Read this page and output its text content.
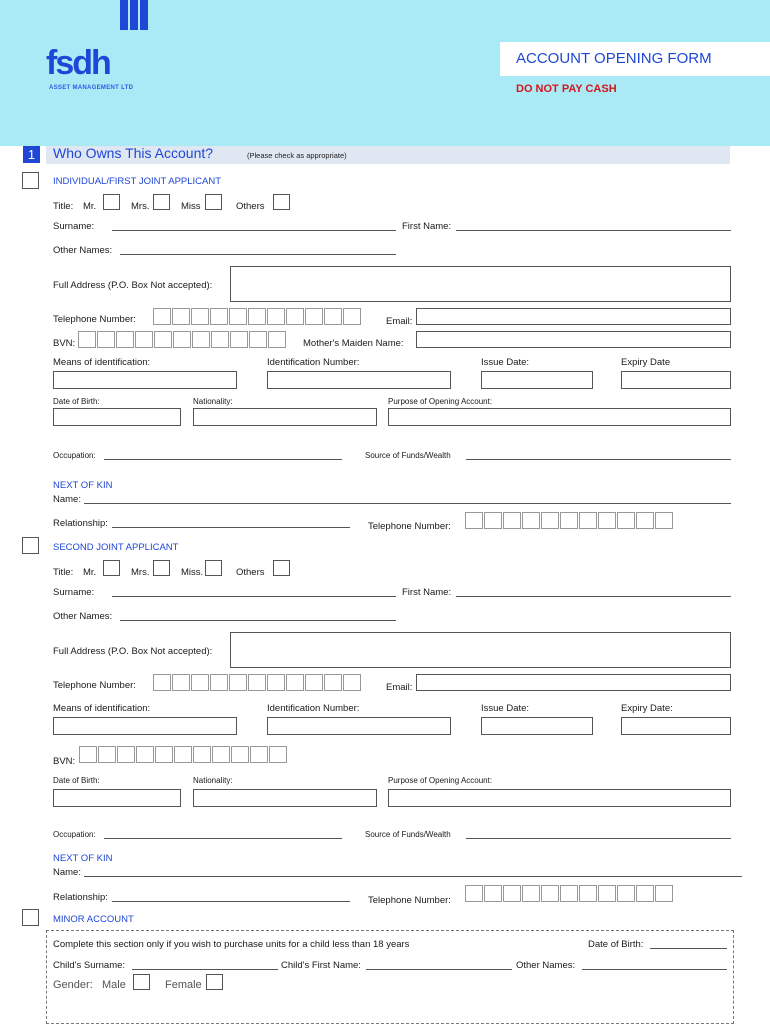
fsdh
ASSET MANAGEMENT LTD
ACCOUNT OPENING FORM
DO NOT PAY CASH
1	Who Owns This Account?	(Please check as appropriate)
INDIVIDUAL/FIRST JOINT APPLICANT
Title: Mr.	Mrs.	Miss	Others
Surname:	First Name:
Other Names:
Full Address (P.O. Box Not accepted):
Telephone Number:	Email:
BVN:	Mother's Maiden Name:
Means of identification:	Identification Number:	Issue Date:	Expiry Date
Date of Birth:	Nationality:	Purpose of Opening Account:
Occupation:	Source of Funds/Wealth
NEXT OF KIN
Name:
Relationship:	Telephone Number:
SECOND JOINT APPLICANT
Title: Mr.	Mrs.	Miss.	Others
Surname:	First Name:
Other Names:
Full Address (P.O. Box Not accepted):
Telephone Number:	Email:
Means of identification:	Identification Number:	Issue Date:	Expiry Date:
BVN:
Date of Birth:	Nationality:	Purpose of Opening Account:
Occupation:	Source of Funds/Wealth
NEXT OF KIN
Name:
Relationship:	Telephone Number:
MINOR ACCOUNT
Complete this section only if you wish to purchase units for a child less than 18 years	Date of Birth:
Child's Surname:	Child's First Name:	Other Names:
Gender: Male	Female
